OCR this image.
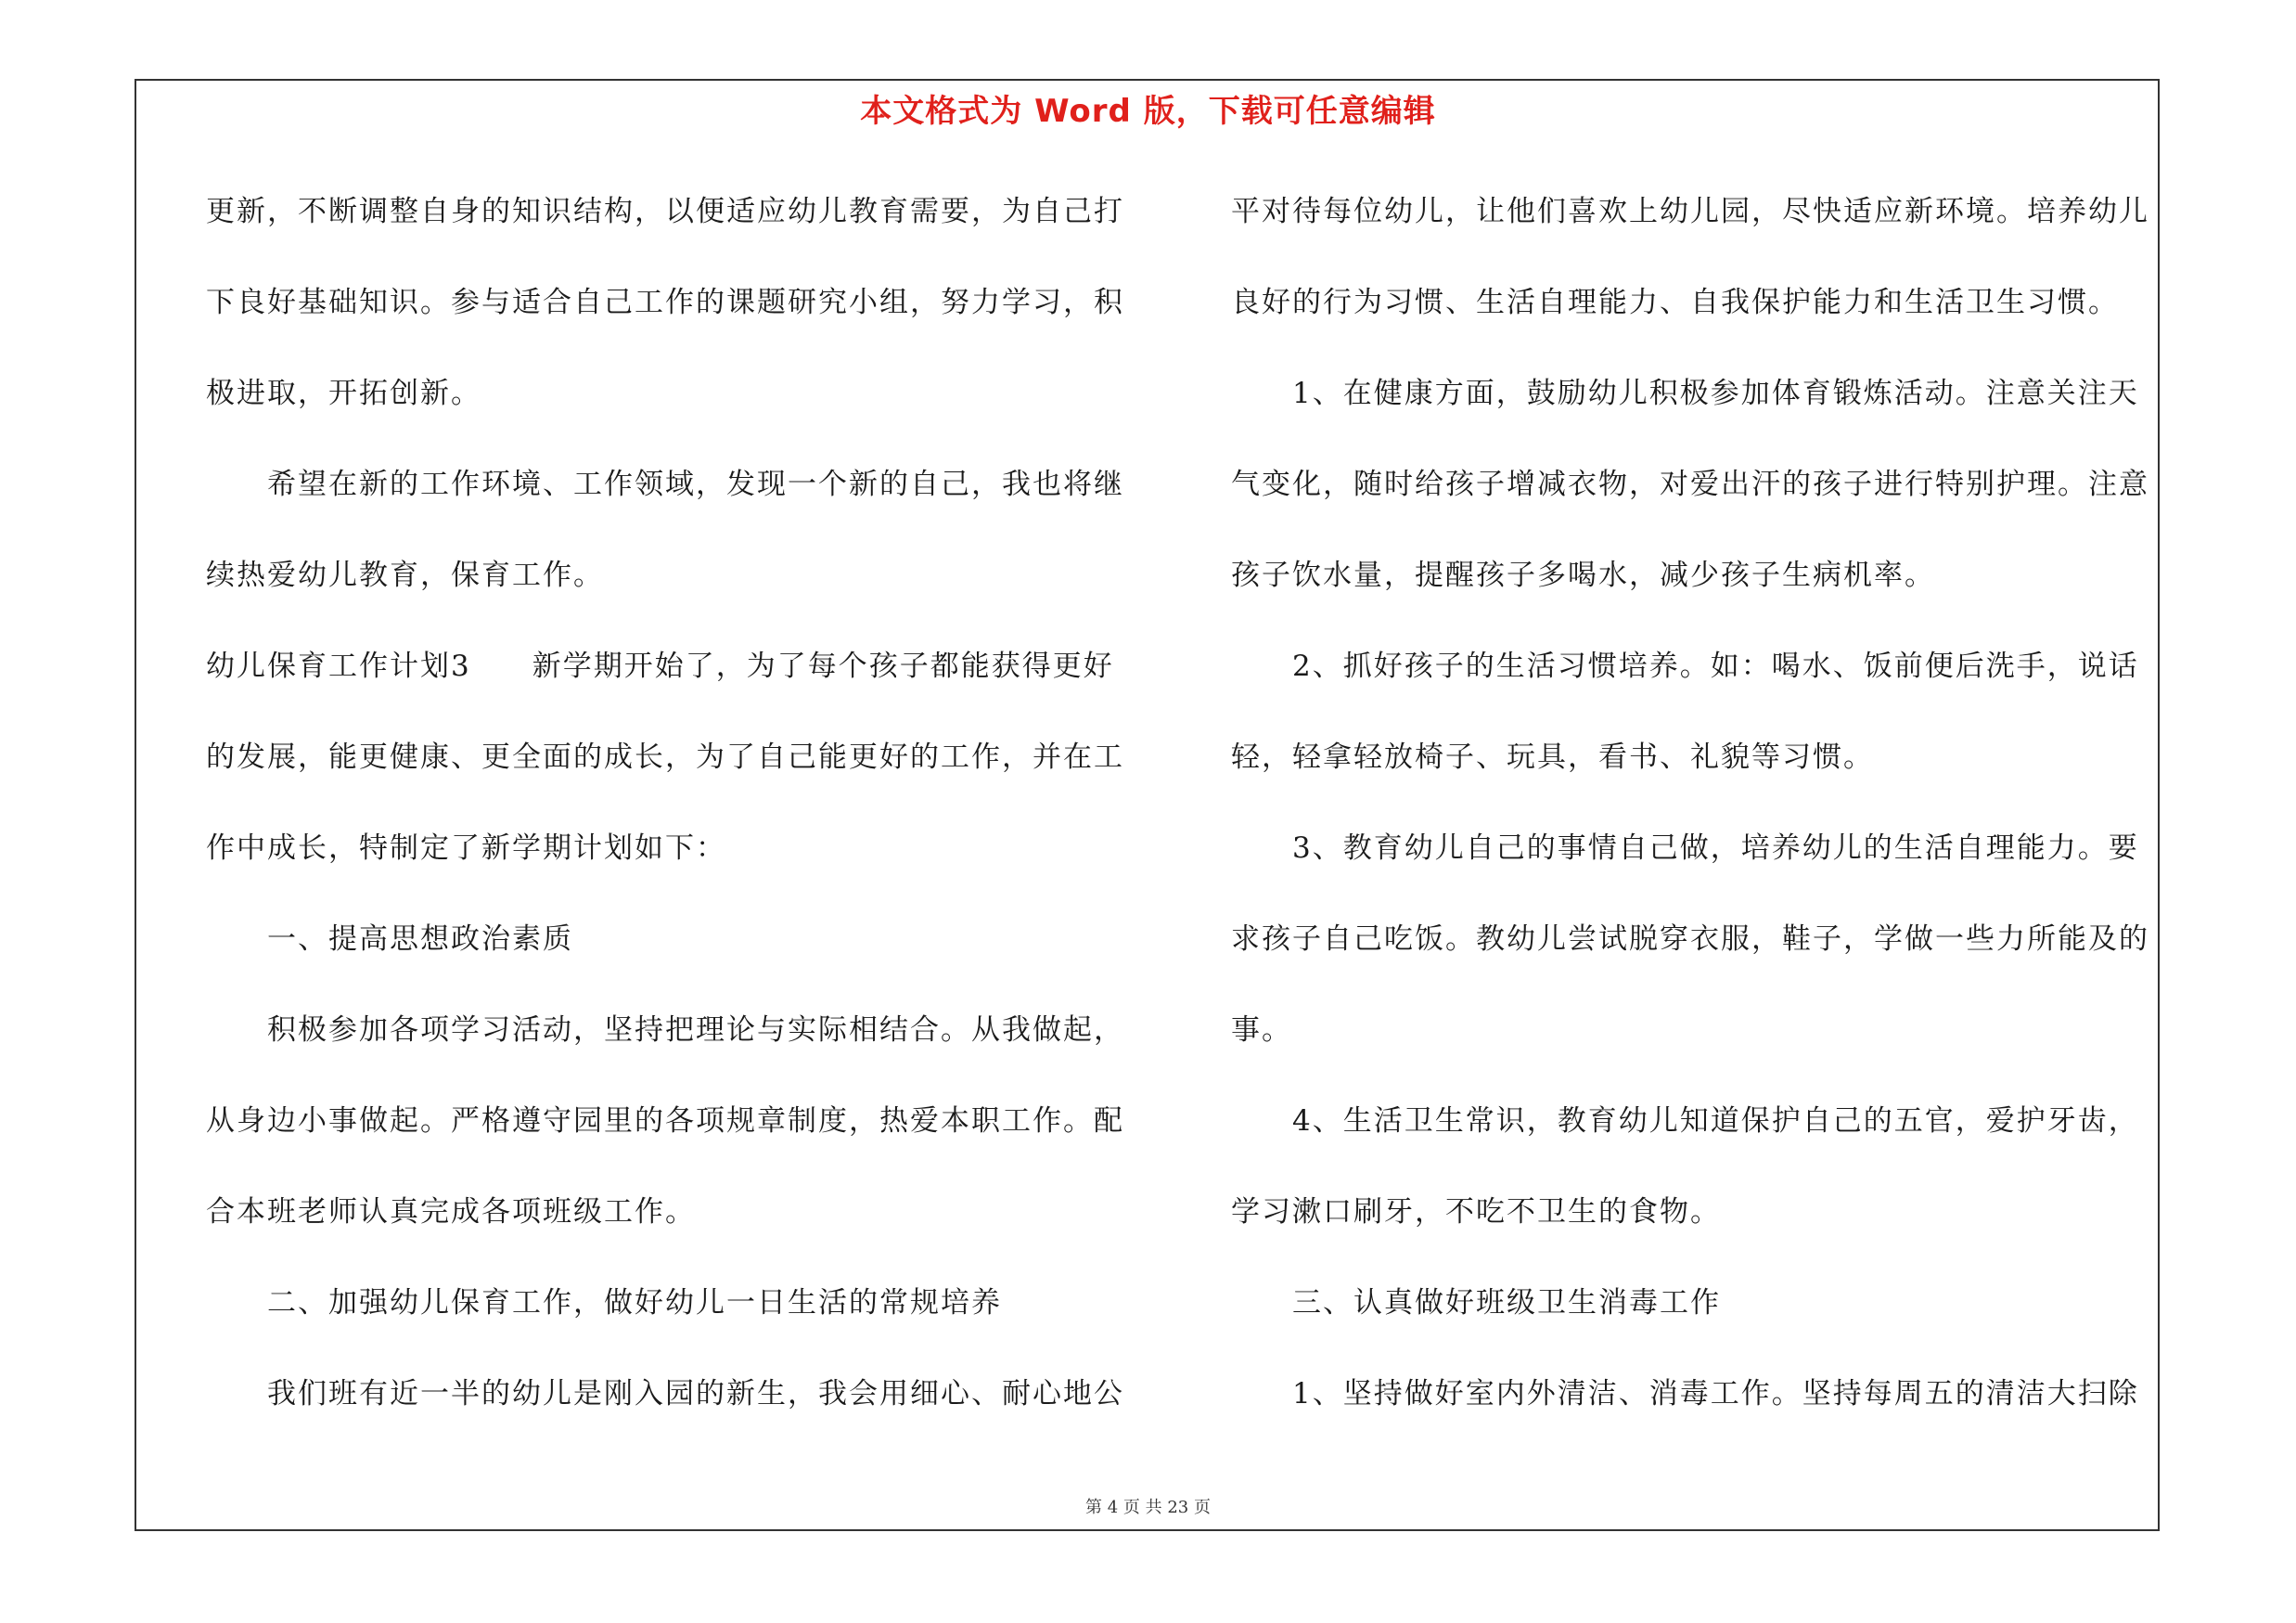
本文格式为 Word 版，下载可任意编辑
更新，不断调整自身的知识结构，以便适应幼儿教育需要，为自己打
下良好基础知识。参与适合自己工作的课题研究小组，努力学习，积
极进取，开拓创新。
希望在新的工作环境、工作领域，发现一个新的自己，我也将继
续热爱幼儿教育，保育工作。
幼儿保育工作计划3　　新学期开始了，为了每个孩子都能获得更好
的发展，能更健康、更全面的成长，为了自己能更好的工作，并在工
作中成长，特制定了新学期计划如下：
一、提高思想政治素质
积极参加各项学习活动，坚持把理论与实际相结合。从我做起，
从身边小事做起。严格遵守园里的各项规章制度，热爱本职工作。配
合本班老师认真完成各项班级工作。
二、加强幼儿保育工作，做好幼儿一日生活的常规培养
我们班有近一半的幼儿是刚入园的新生，我会用细心、耐心地公
平对待每位幼儿，让他们喜欢上幼儿园，尽快适应新环境。培养幼儿
良好的行为习惯、生活自理能力、自我保护能力和生活卫生习惯。
1、在健康方面，鼓励幼儿积极参加体育锻炼活动。注意关注天
气变化，随时给孩子增减衣物，对爱出汗的孩子进行特别护理。注意
孩子饮水量，提醒孩子多喝水，减少孩子生病机率。
2、抓好孩子的生活习惯培养。如：喝水、饭前便后洗手，说话
轻，轻拿轻放椅子、玩具，看书、礼貌等习惯。
3、教育幼儿自己的事情自己做，培养幼儿的生活自理能力。要
求孩子自己吃饭。教幼儿尝试脱穿衣服，鞋子，学做一些力所能及的
事。
4、生活卫生常识，教育幼儿知道保护自己的五官，爱护牙齿，
学习漱口刷牙，不吃不卫生的食物。
三、认真做好班级卫生消毒工作
1、坚持做好室内外清洁、消毒工作。坚持每周五的清洁大扫除
第 4 页 共 23 页
